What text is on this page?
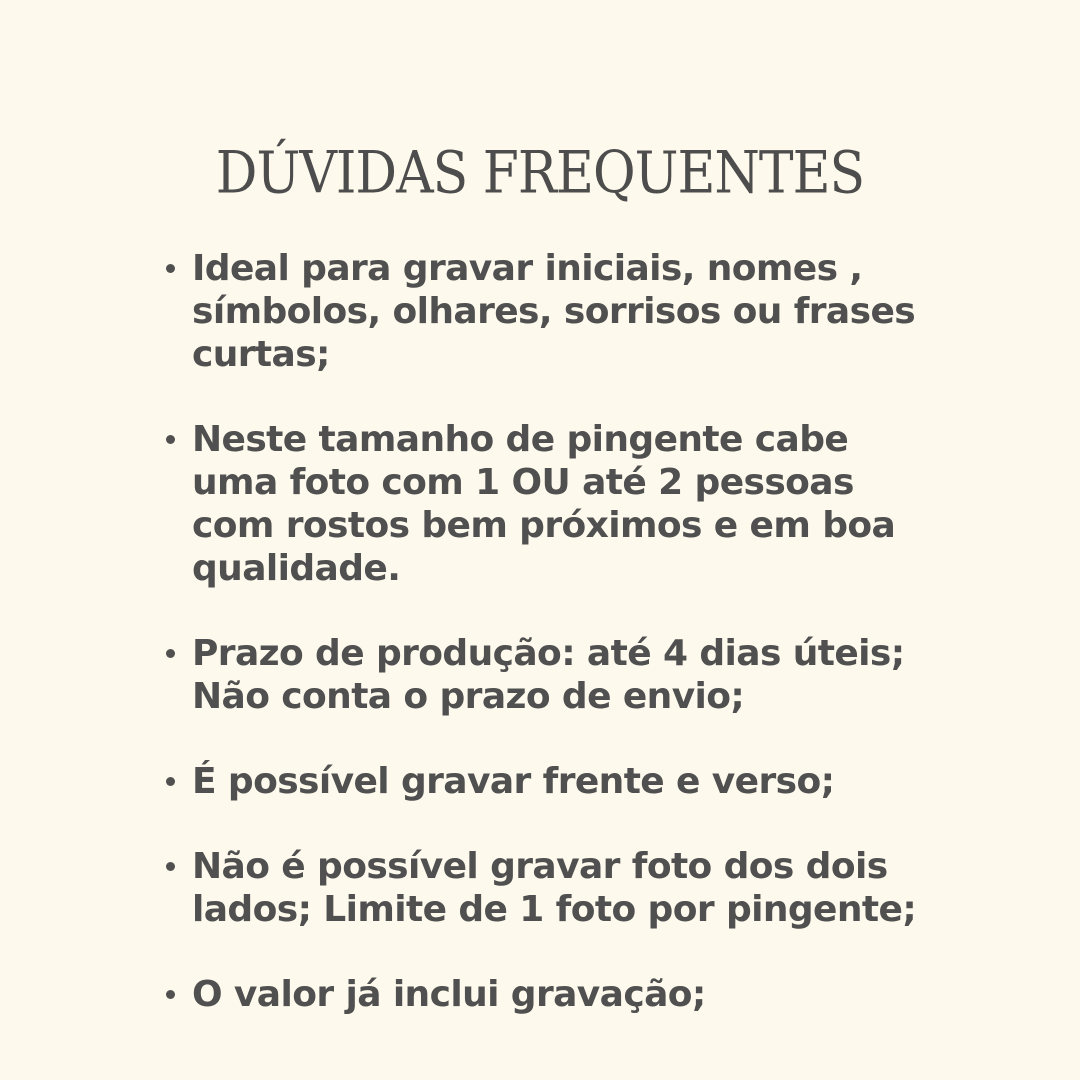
DÚVIDAS FREQUENTES
Ideal para gravar iniciais, nomes ,
símbolos, olhares, sorrisos ou frases
curtas;
Neste tamanho de pingente cabe
uma foto com 1 OU até 2 pessoas
com rostos bem próximos e em boa
qualidade.
Prazo de produção: até 4 dias úteis;
Não conta o prazo de envio;
É possível gravar frente e verso;
Não é possível gravar foto dos dois
lados; Limite de 1 foto por pingente;
O valor já inclui gravação;
